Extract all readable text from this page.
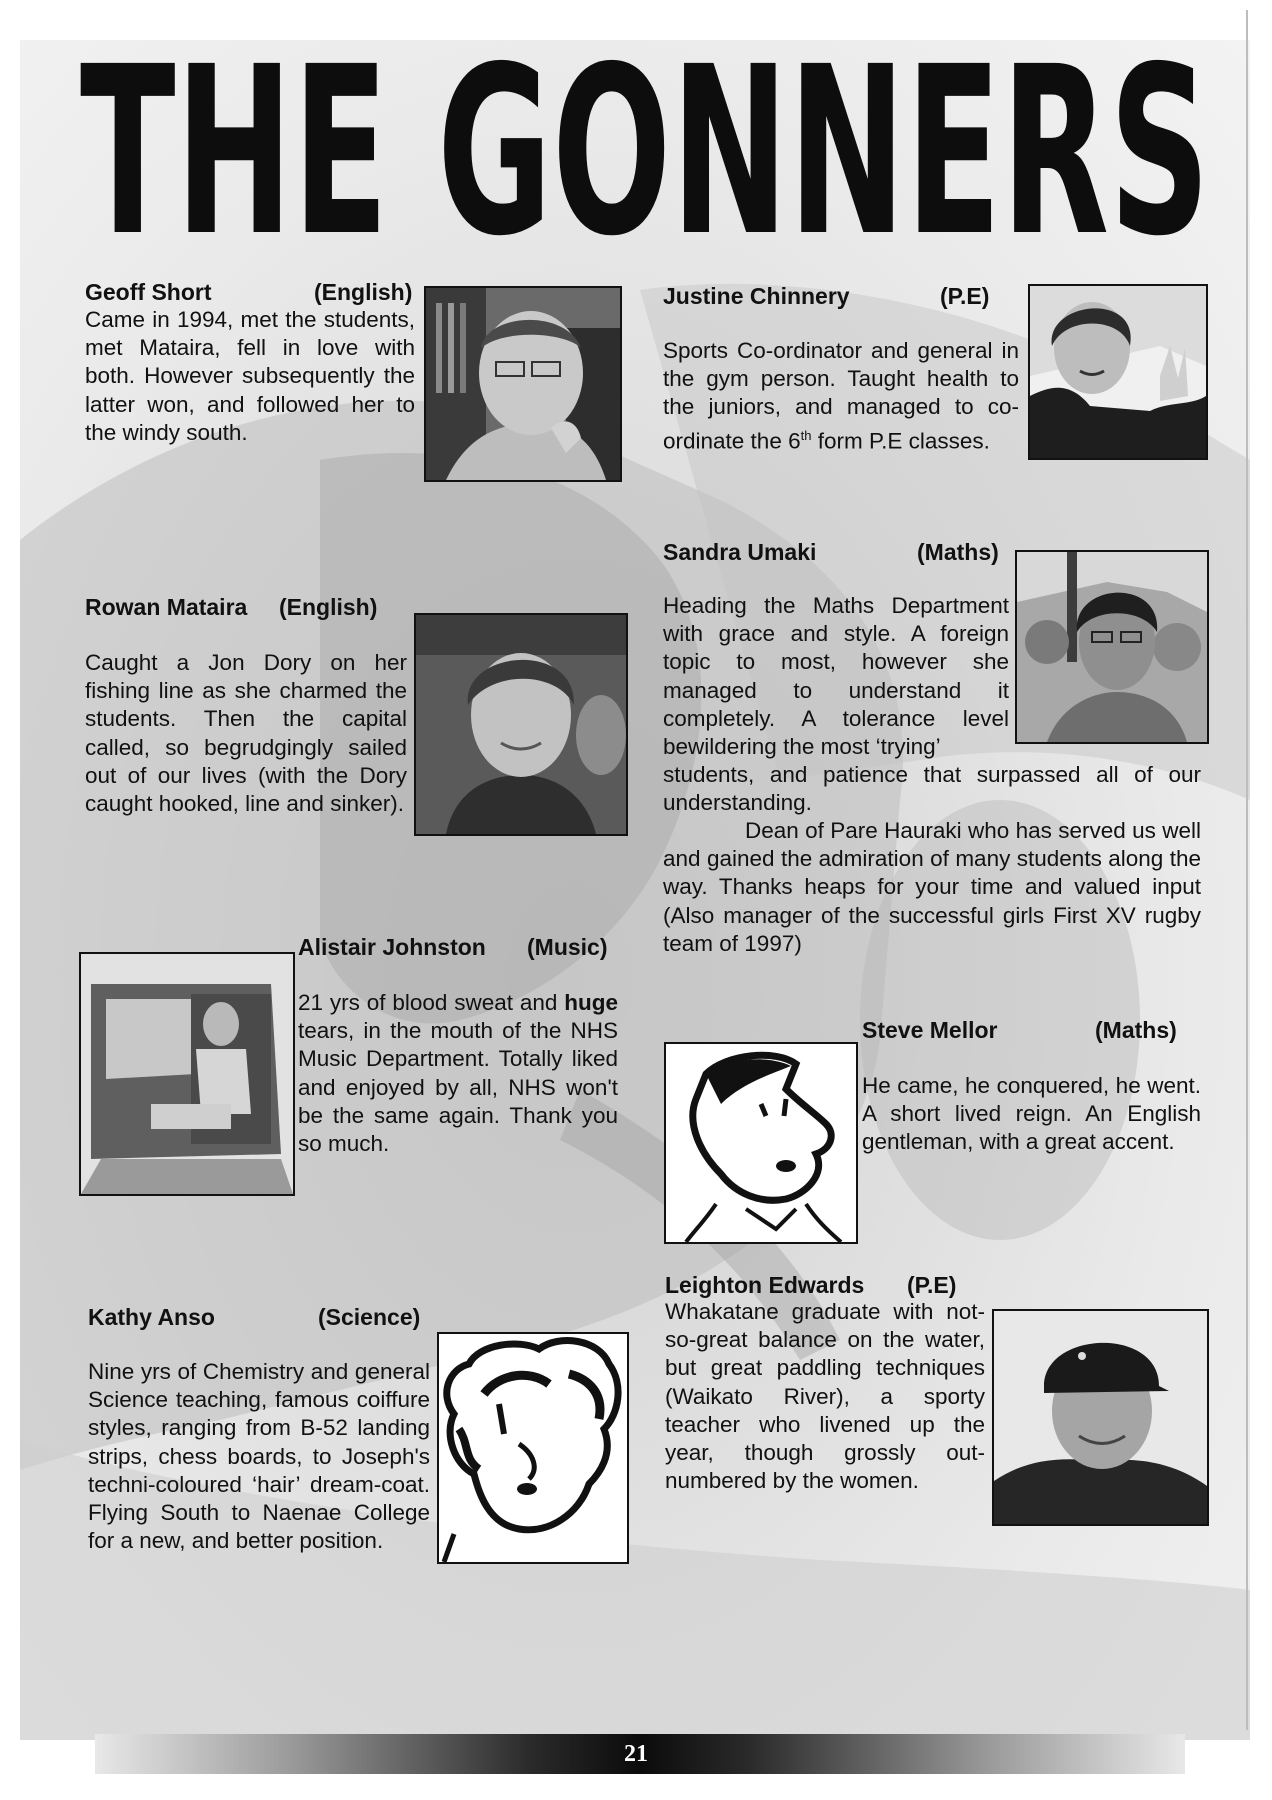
THE GONNERS
Geoff Short	(English)
Came in 1994, met the students, met Mataira, fell in love with both. However subsequently the latter won, and followed her to the windy south.
Rowan Mataira (English)
Caught a Jon Dory on her fishing line as she charmed the students. Then the capital called, so begrudgingly sailed out of our lives (with the Dory caught hooked, line and sinker).
Alistair Johnston (Music)
21 yrs of blood sweat and huge tears, in the mouth of the NHS Music Department. Totally liked and enjoyed by all, NHS won't be the same again. Thank you so much.
Kathy Anso	(Science)
Nine yrs of Chemistry and general Science teaching, famous coiffure styles, ranging from B-52 landing strips, chess boards, to Joseph's techni-coloured ‘hair’ dream-coat. Flying South to Naenae College for a new, and better position.
Justine Chinnery	(P.E)
Sports Co-ordinator and general in the gym person. Taught health to the juniors, and managed to co-ordinate the 6th form P.E classes.
Sandra Umaki	(Maths)
Heading the Maths Department with grace and style. A foreign topic to most, however she managed to understand it completely. A tolerance level bewildering the most ‘trying’
students, and patience that surpassed all of our understanding.
Dean of Pare Hauraki who has served us well and gained the admiration of many students along the way. Thanks heaps for your time and valued input (Also manager of the successful girls First XV rugby team of 1997)
Steve Mellor	(Maths)
He came, he conquered, he went. A short lived reign. An English gentleman, with a great accent.
Leighton Edwards (P.E)
Whakatane graduate with not-so-great balance on the water, but great paddling techniques (Waikato River), a sporty teacher who livened up the year, though grossly out-numbered by the women.
21
